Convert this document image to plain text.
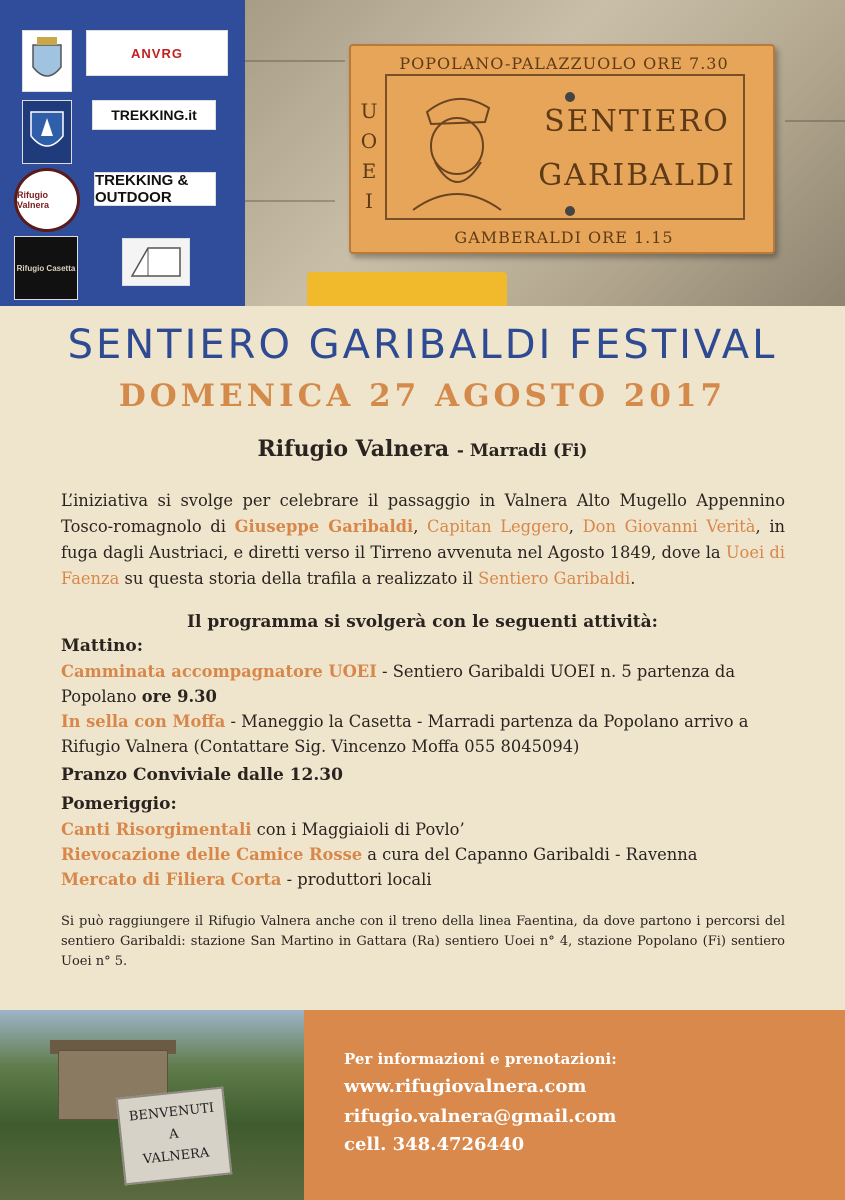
ANVRG
TREKKING.it
Rifugio Valnera
TREKKING & OUTDOOR
Rifugio Casetta
POPOLANO-PALAZZUOLO ORE 7.30
U
O
E
I
SENTIERO
GARIBALDI
GAMBERALDI ORE 1.15
SENTIERO GARIBALDI FESTIVAL
DOMENICA 27 AGOSTO 2017
Rifugio Valnera - Marradi (Fi)

L’iniziativa si svolge per celebrare il passaggio in Valnera Alto Mugello Appennino Tosco-romagnolo di Giuseppe Garibaldi, Capitan Leggero, Don Giovanni Verità, in fuga dagli Austriaci, e diretti verso il Tirreno avvenuta nel Agosto 1849, dove la Uoei di Faenza su questa storia della trafila a realizzato il Sentiero Garibaldi.

Il programma si svolgerà con le seguenti attività:
Mattino:
Camminata accompagnatore UOEI - Sentiero Garibaldi UOEI n. 5 partenza da Popolano ore 9.30
In sella con Moffa - Maneggio la Casetta - Marradi partenza da Popolano arrivo a Rifugio Valnera (Contattare Sig. Vincenzo Moffa 055 8045094)
Pranzo Conviviale dalle 12.30
Pomeriggio:
Canti Risorgimentali con i Maggiaioli di Povlo’
Rievocazione delle Camice Rosse a cura del Capanno Garibaldi - Ravenna
Mercato di Filiera Corta - produttori locali

Si può raggiungere il Rifugio Valnera anche con il treno della linea Faentina, da dove partono i percorsi del sentiero Garibaldi: stazione San Martino in Gattara (Ra) sentiero Uoei n° 4, stazione Popolano (Fi) sentiero Uoei n° 5.

BENVENUTI
A
VALNERA
Per informazioni e prenotazioni:
www.rifugiovalnera.com
rifugio.valnera@gmail.com
cell. 348.4726440
